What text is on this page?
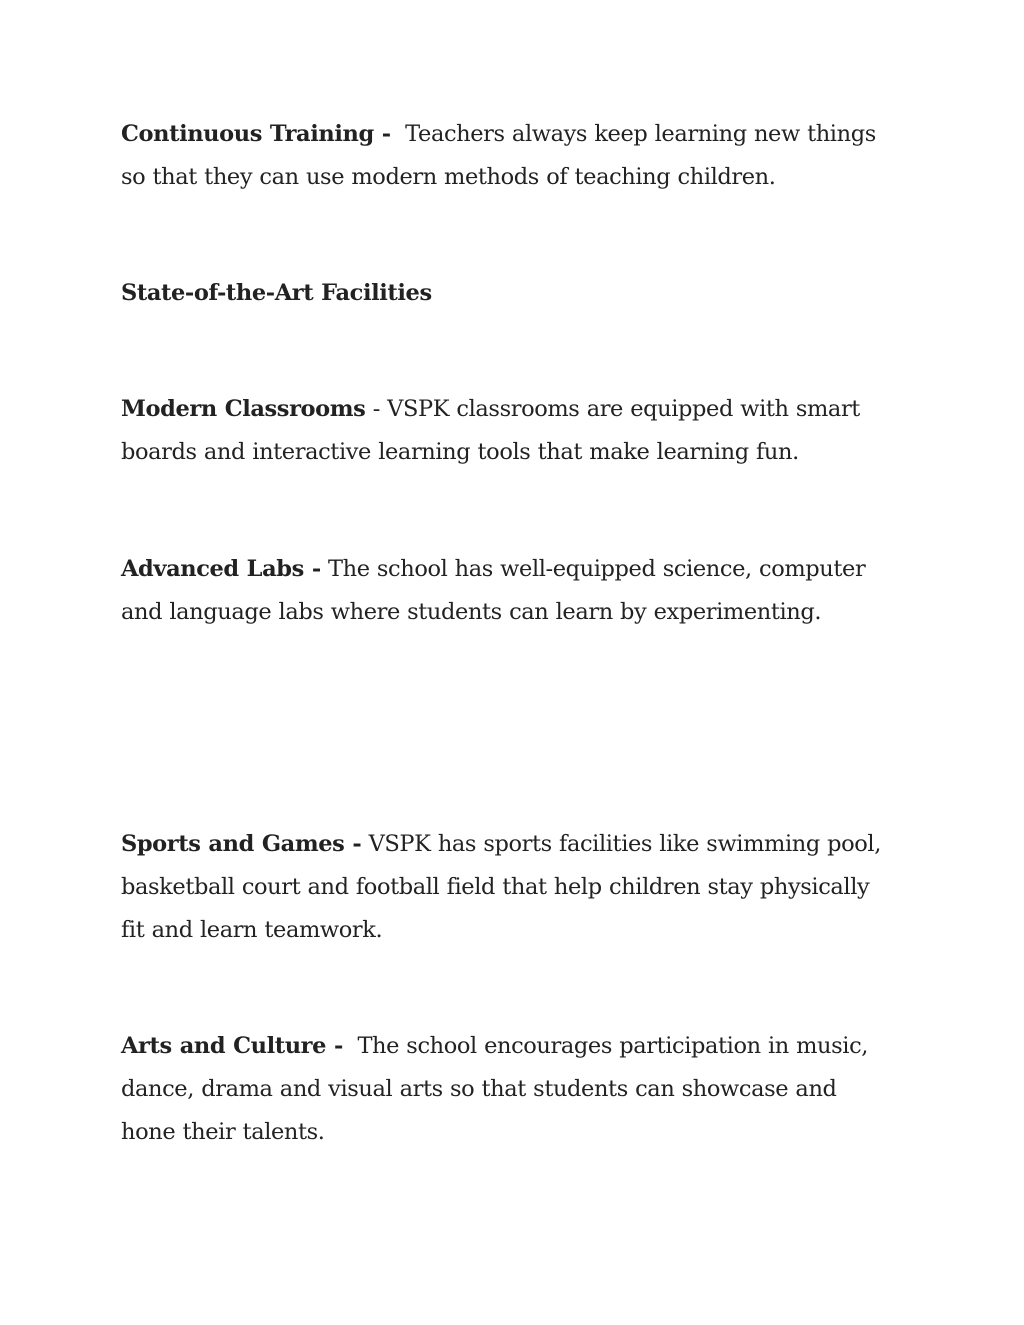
Continuous Training - Teachers always keep learning new things so that they can use modern methods of teaching children.

State-of-the-Art Facilities

Modern Classrooms - VSPK classrooms are equipped with smart boards and interactive learning tools that make learning fun.

Advanced Labs - The school has well-equipped science, computer and language labs where students can learn by experimenting.

Sports and Games - VSPK has sports facilities like swimming pool, basketball court and football field that help children stay physically fit and learn teamwork.

Arts and Culture - The school encourages participation in music, dance, drama and visual arts so that students can showcase and hone their talents.
